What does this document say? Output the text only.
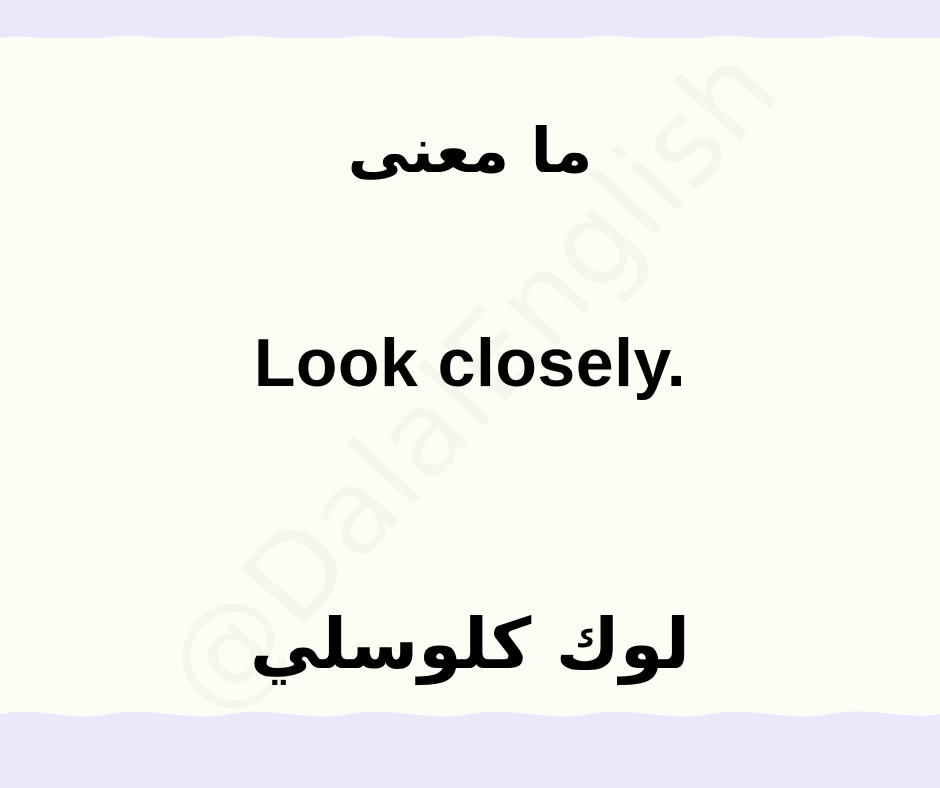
ما معنى
Look closely.
لوك كلوسلي
